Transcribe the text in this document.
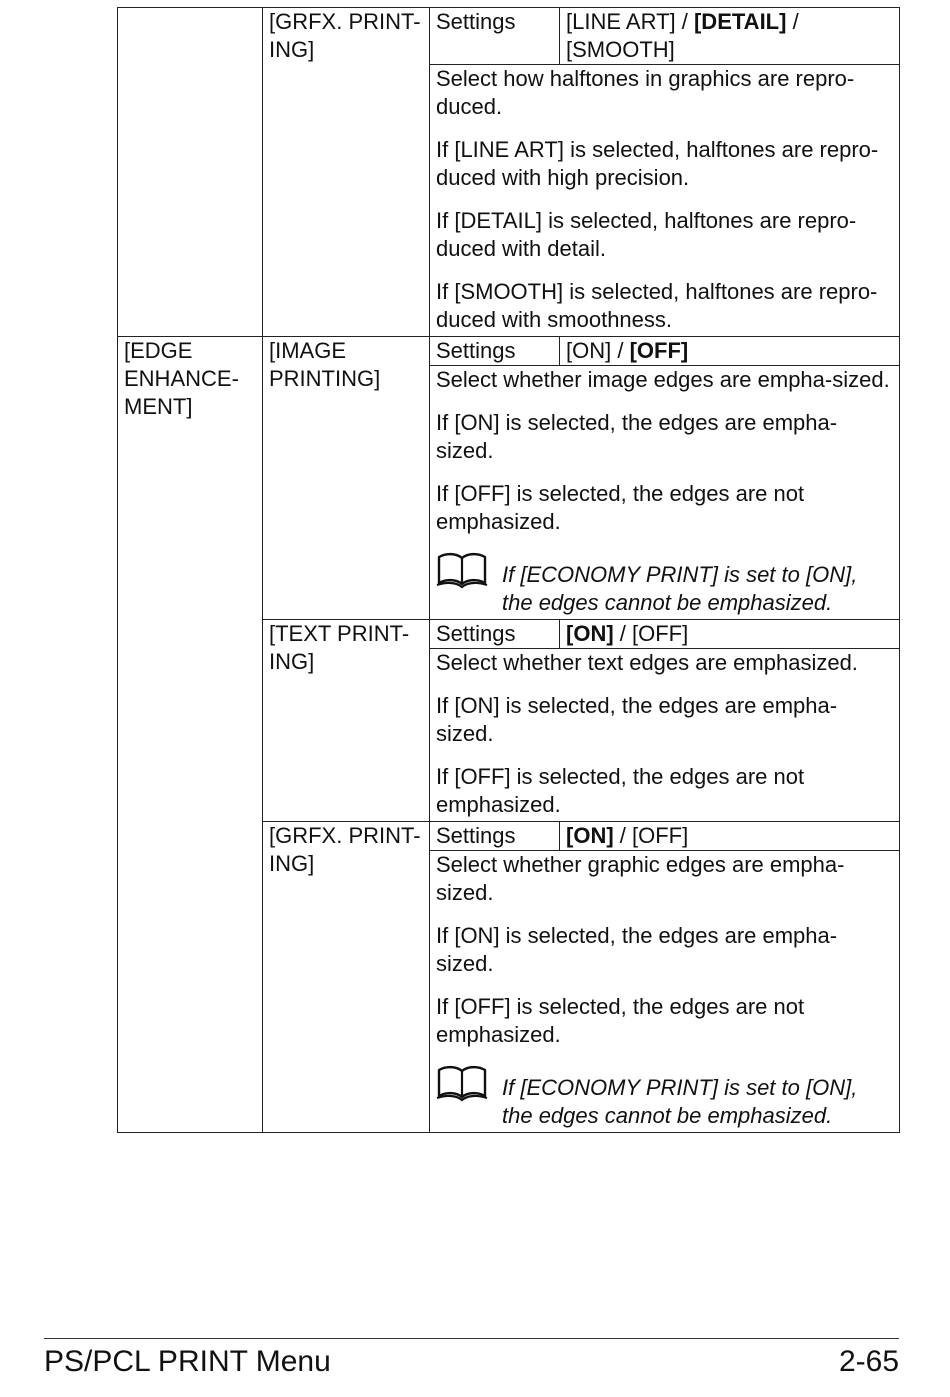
	[GRFX. PRINT-ING]	Settings	[LINE ART] / [DETAIL] / [SMOOTH]

		Select how halftones in graphics are repro-duced.

If [LINE ART] is selected, halftones are repro-duced with high precision.

If [DETAIL] is selected, halftones are repro-duced with detail.

If [SMOOTH] is selected, halftones are repro-duced with smoothness.	

[EDGE ENHANCE-MENT]	[IMAGE PRINTING]	Settings	[ON] / [OFF]

		Select whether image edges are empha-sized.

If [ON] is selected, the edges are empha-sized.

If [OFF] is selected, the edges are not emphasized.

If [ECONOMY PRINT] is set to [ON], the edges cannot be emphasized.	

	[TEXT PRINT-ING]	Settings	[ON] / [OFF]

		Select whether text edges are emphasized.

If [ON] is selected, the edges are empha-sized.

If [OFF] is selected, the edges are not emphasized.	

	[GRFX. PRINT-ING]	Settings	[ON] / [OFF]

		Select whether graphic edges are empha-sized.

If [ON] is selected, the edges are empha-sized.

If [OFF] is selected, the edges are not emphasized.

If [ECONOMY PRINT] is set to [ON], the edges cannot be emphasized.	
PS/PCL PRINT Menu	2-65
